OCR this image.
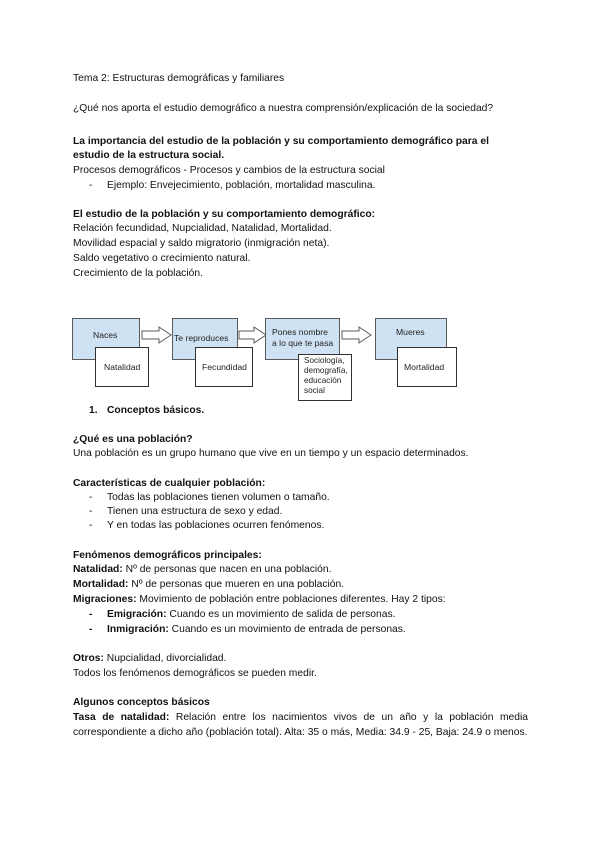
Tema 2: Estructuras demográficas y familiares
¿Qué nos aporta el estudio demográfico a nuestra comprensión/explicación de la sociedad?
La importancia del estudio de la población y su comportamiento demográfico para el
estudio de la estructura social.
Procesos demográficos - Procesos y cambios de la estructura social
- Ejemplo: Envejecimiento, población, mortalidad masculina.
El estudio de la población y su comportamiento demográfico:
Relación fecundidad, Nupcialidad, Natalidad, Mortalidad.
Movilidad espacial y saldo migratorio (inmigración neta).
Saldo vegetativo o crecimiento natural.
Crecimiento de la población.
Naces
Natalidad
Te reproduces
Fecundidad
Pones nombre a lo que te pasa
Sociología, demografía, educación social
Mueres
Mortalidad
1. Conceptos básicos.
¿Qué es una población?
Una población es un grupo humano que vive en un tiempo y un espacio determinados.
Características de cualquier población:
- Todas las poblaciones tienen volumen o tamaño.
- Tienen una estructura de sexo y edad.
- Y en todas las poblaciones ocurren fenómenos.
Fenómenos demográficos principales:
Natalidad: Nº de personas que nacen en una población.
Mortalidad: Nº de personas que mueren en una población.
Migraciones: Movimiento de población entre poblaciones diferentes. Hay 2 tipos:
- Emigración: Cuando es un movimiento de salida de personas.
- Inmigración: Cuando es un movimiento de entrada de personas.
Otros: Nupcialidad, divorcialidad.
Todos los fenómenos demográficos se pueden medir.
Algunos conceptos básicos
Tasa de natalidad: Relación entre los nacimientos vivos de un año y la población media correspondiente a dicho año (población total). Alta: 35 o más, Media: 34.9 - 25, Baja: 24.9 o menos.
